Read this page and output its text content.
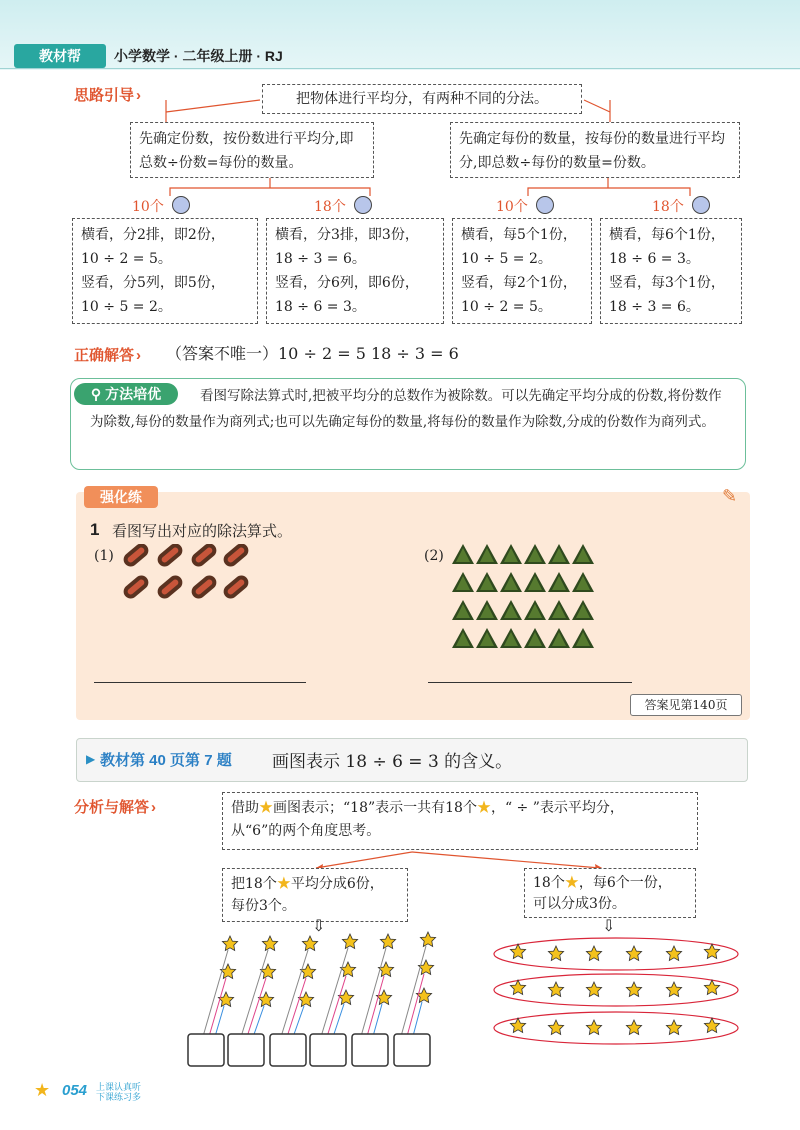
教材帮	小学数学 · 二年级上册 · RJ
思路引导 ›	把物体进行平均分，有两种不同的分法。
先确定份数，按份数进行平均分,即总数÷份数=每份的数量。
先确定每份的数量，按每份的数量进行平均分,即总数÷每份的数量=份数。
10个	18个	10个	18个
横看，分2排，即2份，
10 ÷ 2 = 5。
竖看，分5列，即5份，
10 ÷ 5 = 2。
横看，分3排，即3份，
18 ÷ 3 = 6。
竖看，分6列，即6份，
18 ÷ 6 = 3。
横看，每5个1份，
10 ÷ 5 = 2。
竖看，每2个1份，
10 ÷ 2 = 5。
横看，每6个1份，
18 ÷ 6 = 3。
竖看，每3个1份，
18 ÷ 3 = 6。
正确解答 ›	（答案不唯一）10 ÷ 2 = 5 18 ÷ 3 = 6
⚲ 方法培优	看图写除法算式时,把被平均分的总数作为被除数。可以先确定平均分成的份数,将份数作为除数,每份的数量作为商列式;也可以先确定每份的数量,将每份的数量作为除数,分成的份数作为商列式。
强化练	✎
1 看图写出对应的除法算式。
(1)	(2)
答案见第140页
▶ 教材第 40 页第 7 题 画图表示 18 ÷ 6 = 3 的含义。
分析与解答 ›	借助★画图表示；“18”表示一共有18个★，“ ÷ ”表示平均分，
从“6”的两个角度思考。
把18个★平均分成6份，
每份3个。
18个★，每6个一份，
可以分成3份。
⇩	⇩
★ 054 上课认真听
下课练习多
